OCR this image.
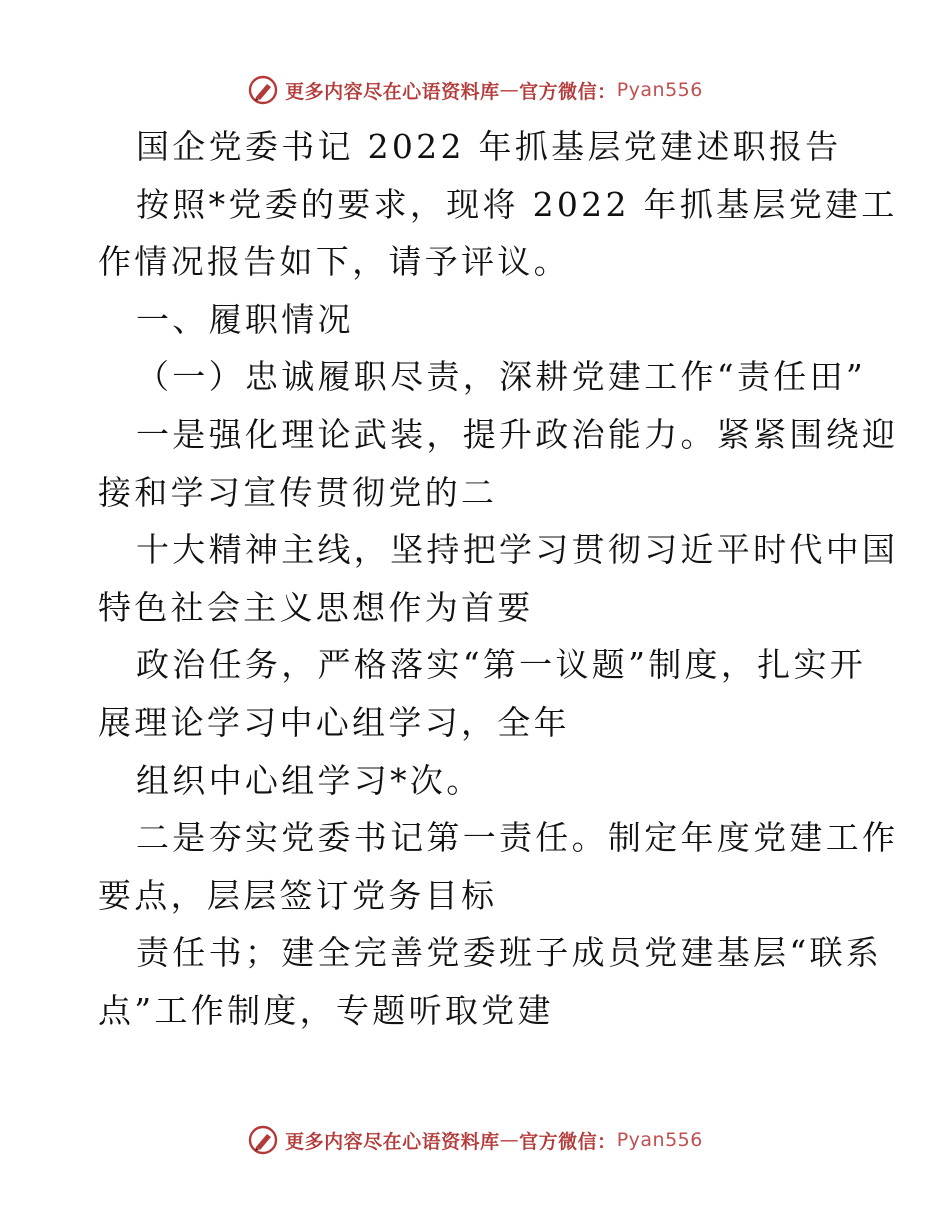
更多内容尽在心语资料库 — 官方微信： Pyan556
国企党委书记 2022 年抓基层党建述职报告
按照*党委的要求，现将 2022 年抓基层党建工
作情况报告如下，请予评议。
一、履职情况
（一）忠诚履职尽责，深耕党建工作“责任田”
一是强化理论武装，提升政治能力。紧紧围绕迎
接和学习宣传贯彻党的二
十大精神主线，坚持把学习贯彻习近平时代中国
特色社会主义思想作为首要
政治任务，严格落实“第一议题”制度，扎实开
展理论学习中心组学习，全年
组织中心组学习*次。
二是夯实党委书记第一责任。制定年度党建工作
要点，层层签订党务目标
责任书；建全完善党委班子成员党建基层“联系
点”工作制度，专题听取党建
更多内容尽在心语资料库 — 官方微信： Pyan556
